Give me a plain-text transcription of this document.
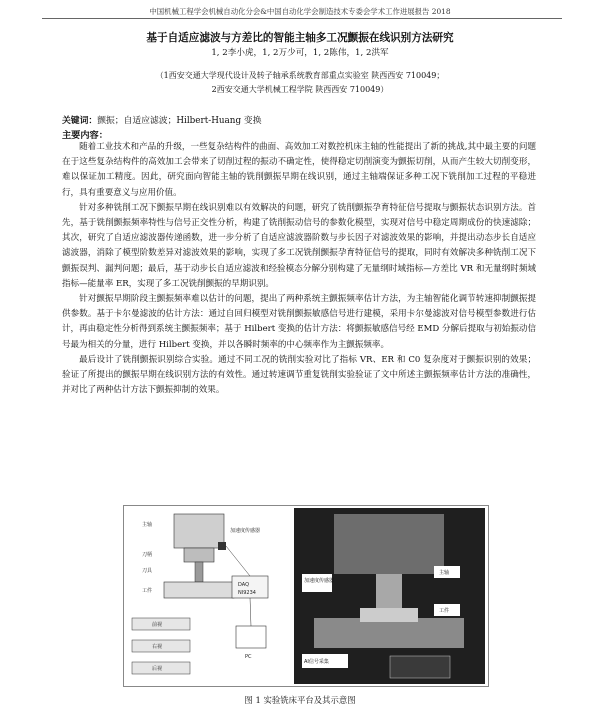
中国机械工程学会机械自动化分会&中国自动化学会制造技术专委会学术工作进展报告 2018
基于自适应滤波与方差比的智能主轴多工况颤振在线识别方法研究
1, 2李小虎，1, 2万少可，1, 2陈伟，1, 2洪军
（1西安交通大学现代设计及转子轴承系统教育部重点实验室 陕西西安 710049；
2西安交通大学机械工程学院 陕西西安 710049）
关键词：颤振；自适应滤波；Hilbert-Huang 变换
主要内容：

随着工业技术和产品的升级，一些复杂结构件的曲面、高效加工对数控机床主轴的性能提出了新的挑战,其中最主要的问题在于这些复杂结构件的高效加工会带来了切削过程的振动不确定性，使得稳定切削演变为颤振切削，从而产生较大切削变形，难以保证加工精度。因此，研究面向智能主轴的铣削颤振早期在线识别，通过主轴端保证多种工况下铣削加工过程的平稳进行，具有重要意义与应用价值。

针对多种铣削工况下颤振早期在线识别难以有效解决的问题，研究了铣削颤振孕育特征信号提取与颤振状态识别方法。首先，基于铣削颤振频率特性与信号正交性分析，构建了铣削振动信号的参数化模型，实现对信号中稳定周期成份的快速滤除；其次，研究了自适应滤波器传递函数，进一步分析了自适应滤波器阶数与步长因子对滤波效果的影响，并提出动态步长自适应滤波器，消除了模型阶数差异对滤波效果的影响，实现了多工况铣削颤振孕育特征信号的提取，同时有效解决多种铣削工况下颤振误判、漏判问题；最后，基于动步长自适应滤波和经验模态分解分别构建了无量纲时域指标—方差比 VR 和无量纲时频域指标—能量率 ER，实现了多工况铣削颤振的早期识别。

针对颤振早期阶段主颤振频率难以估计的问题，提出了两种系统主颤振频率估计方法，为主轴智能化调节转速抑制颤振提供参数。基于卡尔曼滤波的估计方法：通过自回归模型对铣削颤振敏感信号进行建模，采用卡尔曼滤波对信号模型参数进行估计，再由稳定性分析得到系统主颤振频率；基于 Hilbert 变换的估计方法：将颤振敏感信号经 EMD 分解后提取与初始振动信号最为相关的分量，进行 Hilbert 变换，并以各瞬时频率的中心频率作为主颤振频率。

最后设计了铣削颤振识别综合实验。通过不同工况的铣削实验对比了指标 VR、ER 和 C0 复杂度对于颤振识别的效果；验证了所提出的颤振早期在线识别方法的有效性。通过转速调节重复铣削实验验证了文中所述主颤振频率估计方法的准确性，并对比了两种估计方法下颤振抑制的效果。

主轴
加速度传感器
刀柄
刀具
工件
DAQ
NI9234
PC
前视
右视
后视
加速度传感器
主轴
工件
AI信号采集
图 1 实验铣床平台及其示意图
